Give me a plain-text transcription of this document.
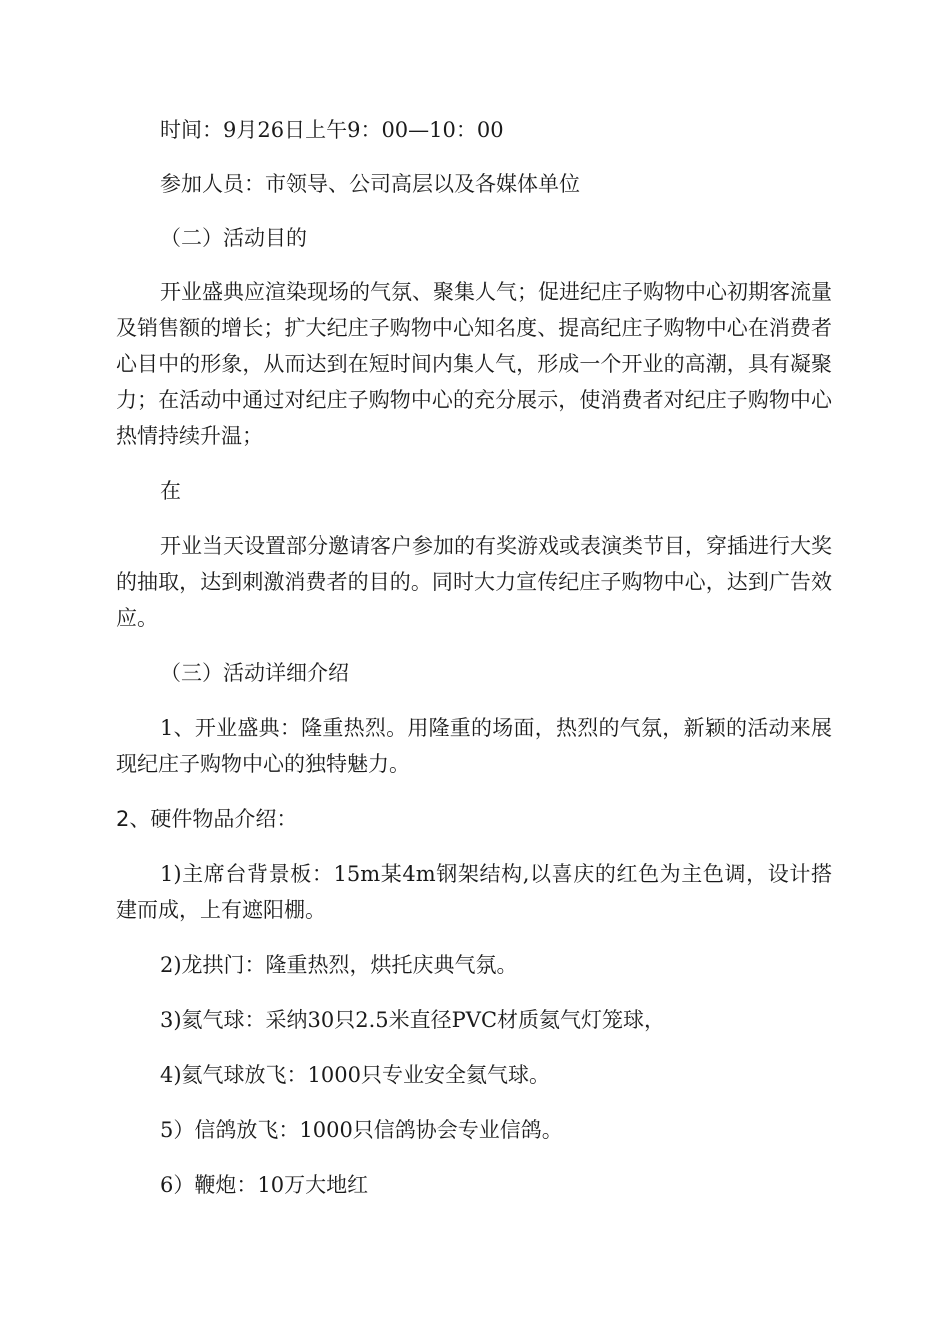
时间：9月26日上午9：00—10：00

参加人员：市领导、公司高层以及各媒体单位

（二）活动目的

开业盛典应渲染现场的气氛、聚集人气；促进纪庄子购物中心初期客流量及销售额的增长；扩大纪庄子购物中心知名度、提高纪庄子购物中心在消费者心目中的形象，从而达到在短时间内集人气，形成一个开业的高潮，具有凝聚力；在活动中通过对纪庄子购物中心的充分展示，使消费者对纪庄子购物中心热情持续升温；

在

开业当天设置部分邀请客户参加的有奖游戏或表演类节目，穿插进行大奖的抽取，达到刺激消费者的目的。同时大力宣传纪庄子购物中心，达到广告效应。

（三）活动详细介绍

1、开业盛典：隆重热烈。用隆重的场面，热烈的气氛，新颖的活动来展现纪庄子购物中心的独特魅力。

2、硬件物品介绍：

1)主席台背景板：15m某4m钢架结构,以喜庆的红色为主色调，设计搭建而成，上有遮阳棚。

2)龙拱门：隆重热烈，烘托庆典气氛。

3)氦气球：采纳30只2.5米直径PVC材质氦气灯笼球，

4)氦气球放飞：1000只专业安全氦气球。

5）信鸽放飞：1000只信鸽协会专业信鸽。

6）鞭炮：10万大地红
